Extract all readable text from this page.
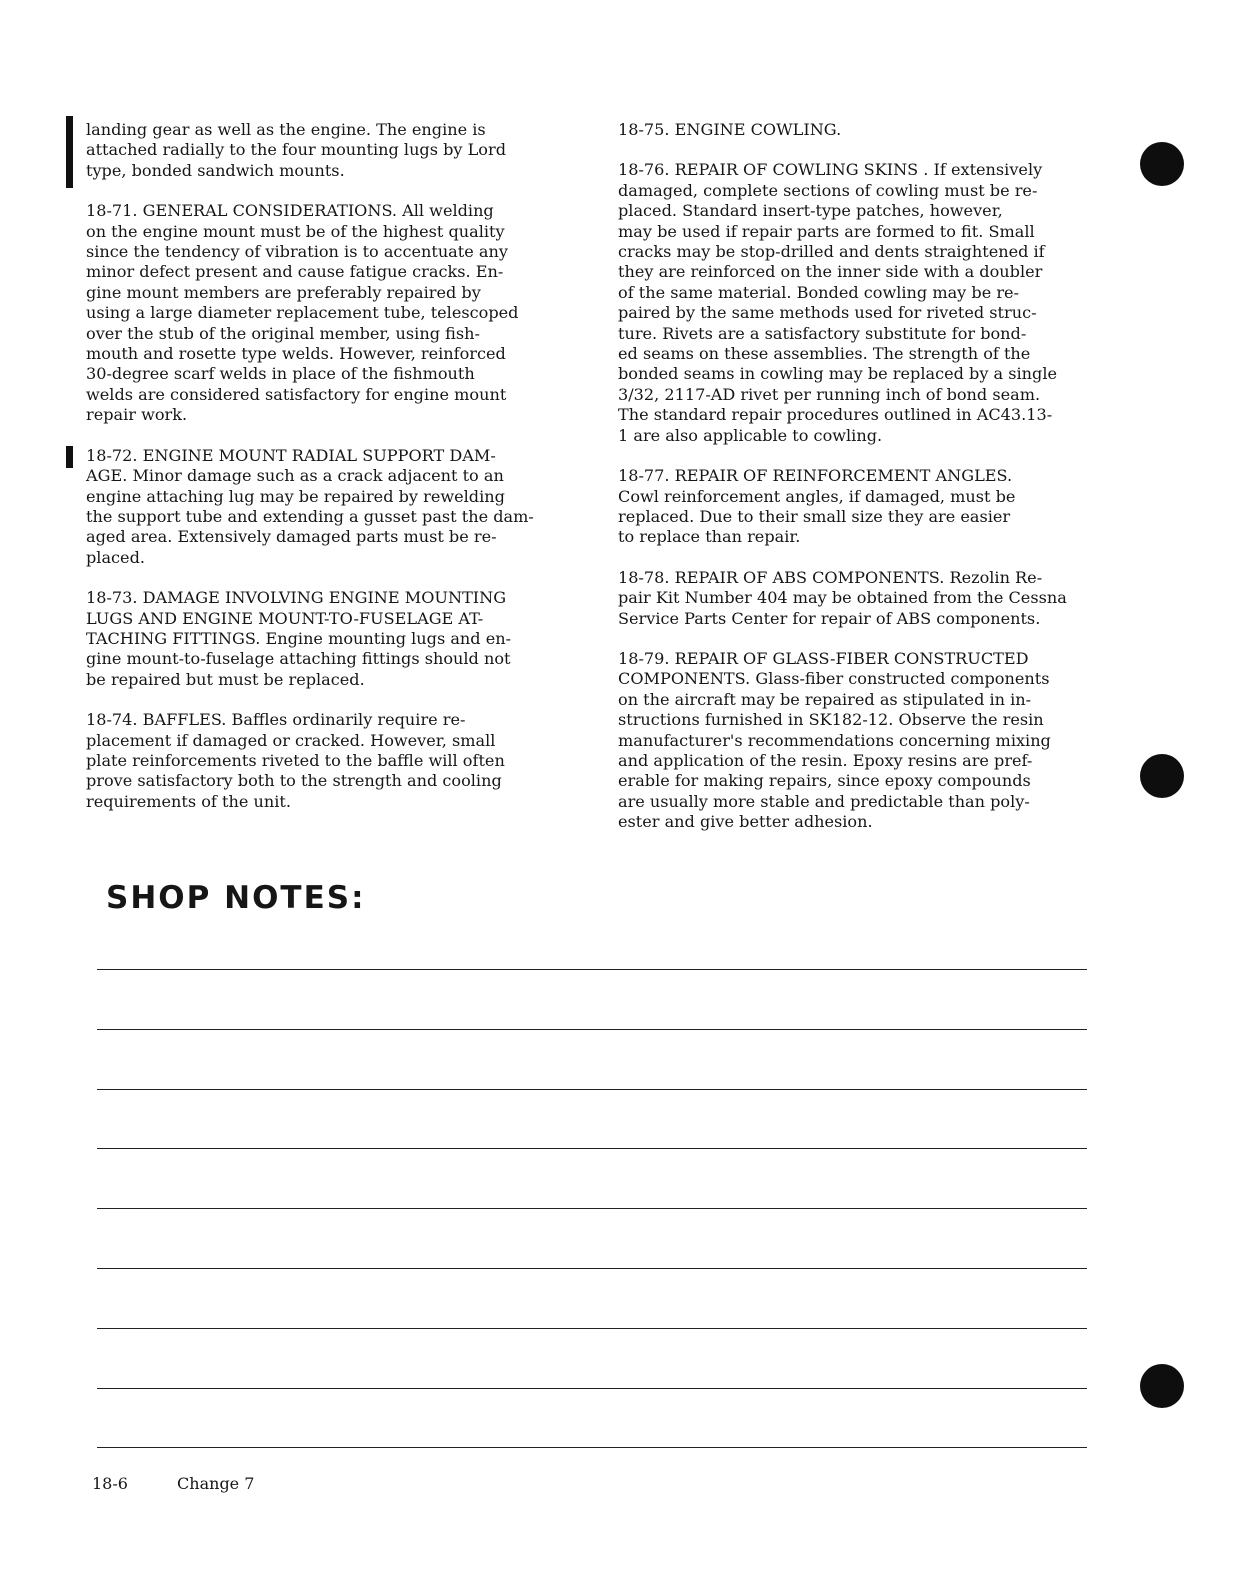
landing gear as well as the engine. The engine is
attached radially to the four mounting lugs by Lord
type, bonded sandwich mounts.

18-71. GENERAL CONSIDERATIONS. All welding
on the engine mount must be of the highest quality
since the tendency of vibration is to accentuate any
minor defect present and cause fatigue cracks. En-
gine mount members are preferably repaired by
using a large diameter replacement tube, telescoped
over the stub of the original member, using fish-
mouth and rosette type welds. However, reinforced
30-degree scarf welds in place of the fishmouth
welds are considered satisfactory for engine mount
repair work.

18-72. ENGINE MOUNT RADIAL SUPPORT DAM-
AGE. Minor damage such as a crack adjacent to an
engine attaching lug may be repaired by rewelding
the support tube and extending a gusset past the dam-
aged area. Extensively damaged parts must be re-
placed.

18-73. DAMAGE INVOLVING ENGINE MOUNTING
LUGS AND ENGINE MOUNT-TO-FUSELAGE AT-
TACHING FITTINGS. Engine mounting lugs and en-
gine mount-to-fuselage attaching fittings should not
be repaired but must be replaced.

18-74. BAFFLES. Baffles ordinarily require re-
placement if damaged or cracked. However, small
plate reinforcements riveted to the baffle will often
prove satisfactory both to the strength and cooling
requirements of the unit.

18-75. ENGINE COWLING.

18-76. REPAIR OF COWLING SKINS . If extensively
damaged, complete sections of cowling must be re-
placed. Standard insert-type patches, however,
may be used if repair parts are formed to fit. Small
cracks may be stop-drilled and dents straightened if
they are reinforced on the inner side with a doubler
of the same material. Bonded cowling may be re-
paired by the same methods used for riveted struc-
ture. Rivets are a satisfactory substitute for bond-
ed seams on these assemblies. The strength of the
bonded seams in cowling may be replaced by a single
3/32, 2117-AD rivet per running inch of bond seam.
The standard repair procedures outlined in AC43.13-
1 are also applicable to cowling.

18-77. REPAIR OF REINFORCEMENT ANGLES.
Cowl reinforcement angles, if damaged, must be
replaced. Due to their small size they are easier
to replace than repair.

18-78. REPAIR OF ABS COMPONENTS. Rezolin Re-
pair Kit Number 404 may be obtained from the Cessna
Service Parts Center for repair of ABS components.

18-79. REPAIR OF GLASS-FIBER CONSTRUCTED
COMPONENTS. Glass-fiber constructed components
on the aircraft may be repaired as stipulated in in-
structions furnished in SK182-12. Observe the resin
manufacturer's recommendations concerning mixing
and application of the resin. Epoxy resins are pref-
erable for making repairs, since epoxy compounds
are usually more stable and predictable than poly-
ester and give better adhesion.

SHOP NOTES:

18-6	Change 7
